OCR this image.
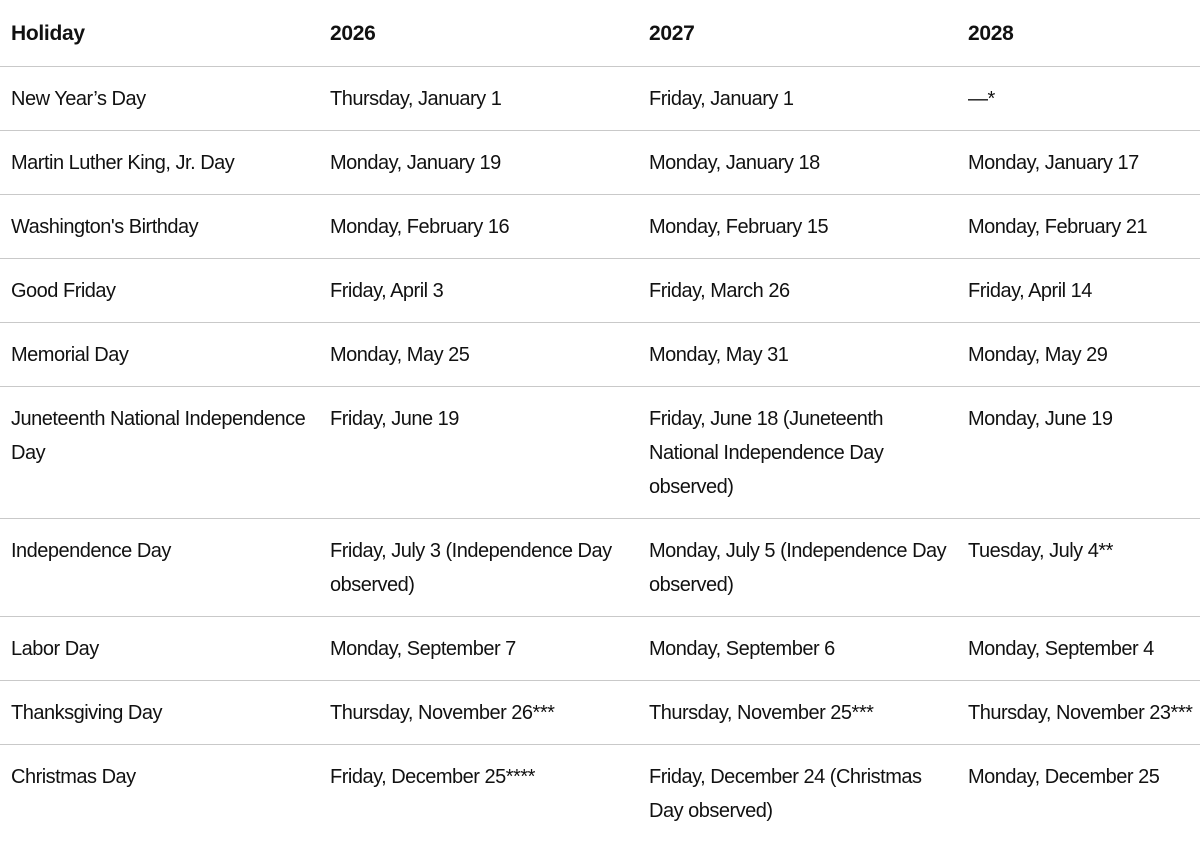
Holiday	2026	2027	2028
New Year’s Day	Thursday, January 1	Friday, January 1	—*
Martin Luther King, Jr. Day	Monday, January 19	Monday, January 18	Monday, January 17
Washington's Birthday	Monday, February 16	Monday, February 15	Monday, February 21
Good Friday	Friday, April 3	Friday, March 26	Friday, April 14
Memorial Day	Monday, May 25	Monday, May 31	Monday, May 29
Juneteenth National Independence Day	Friday, June 19	Friday, June 18 (Juneteenth National Independence Day observed)	Monday, June 19
Independence Day	Friday, July 3 (Independence Day observed)	Monday, July 5 (Independence Day observed)	Tuesday, July 4**
Labor Day	Monday, September 7	Monday, September 6	Monday, September 4
Thanksgiving Day	Thursday, November 26***	Thursday, November 25***	Thursday, November 23***
Christmas Day	Friday, December 25****	Friday, December 24 (Christmas Day observed)	Monday, December 25
